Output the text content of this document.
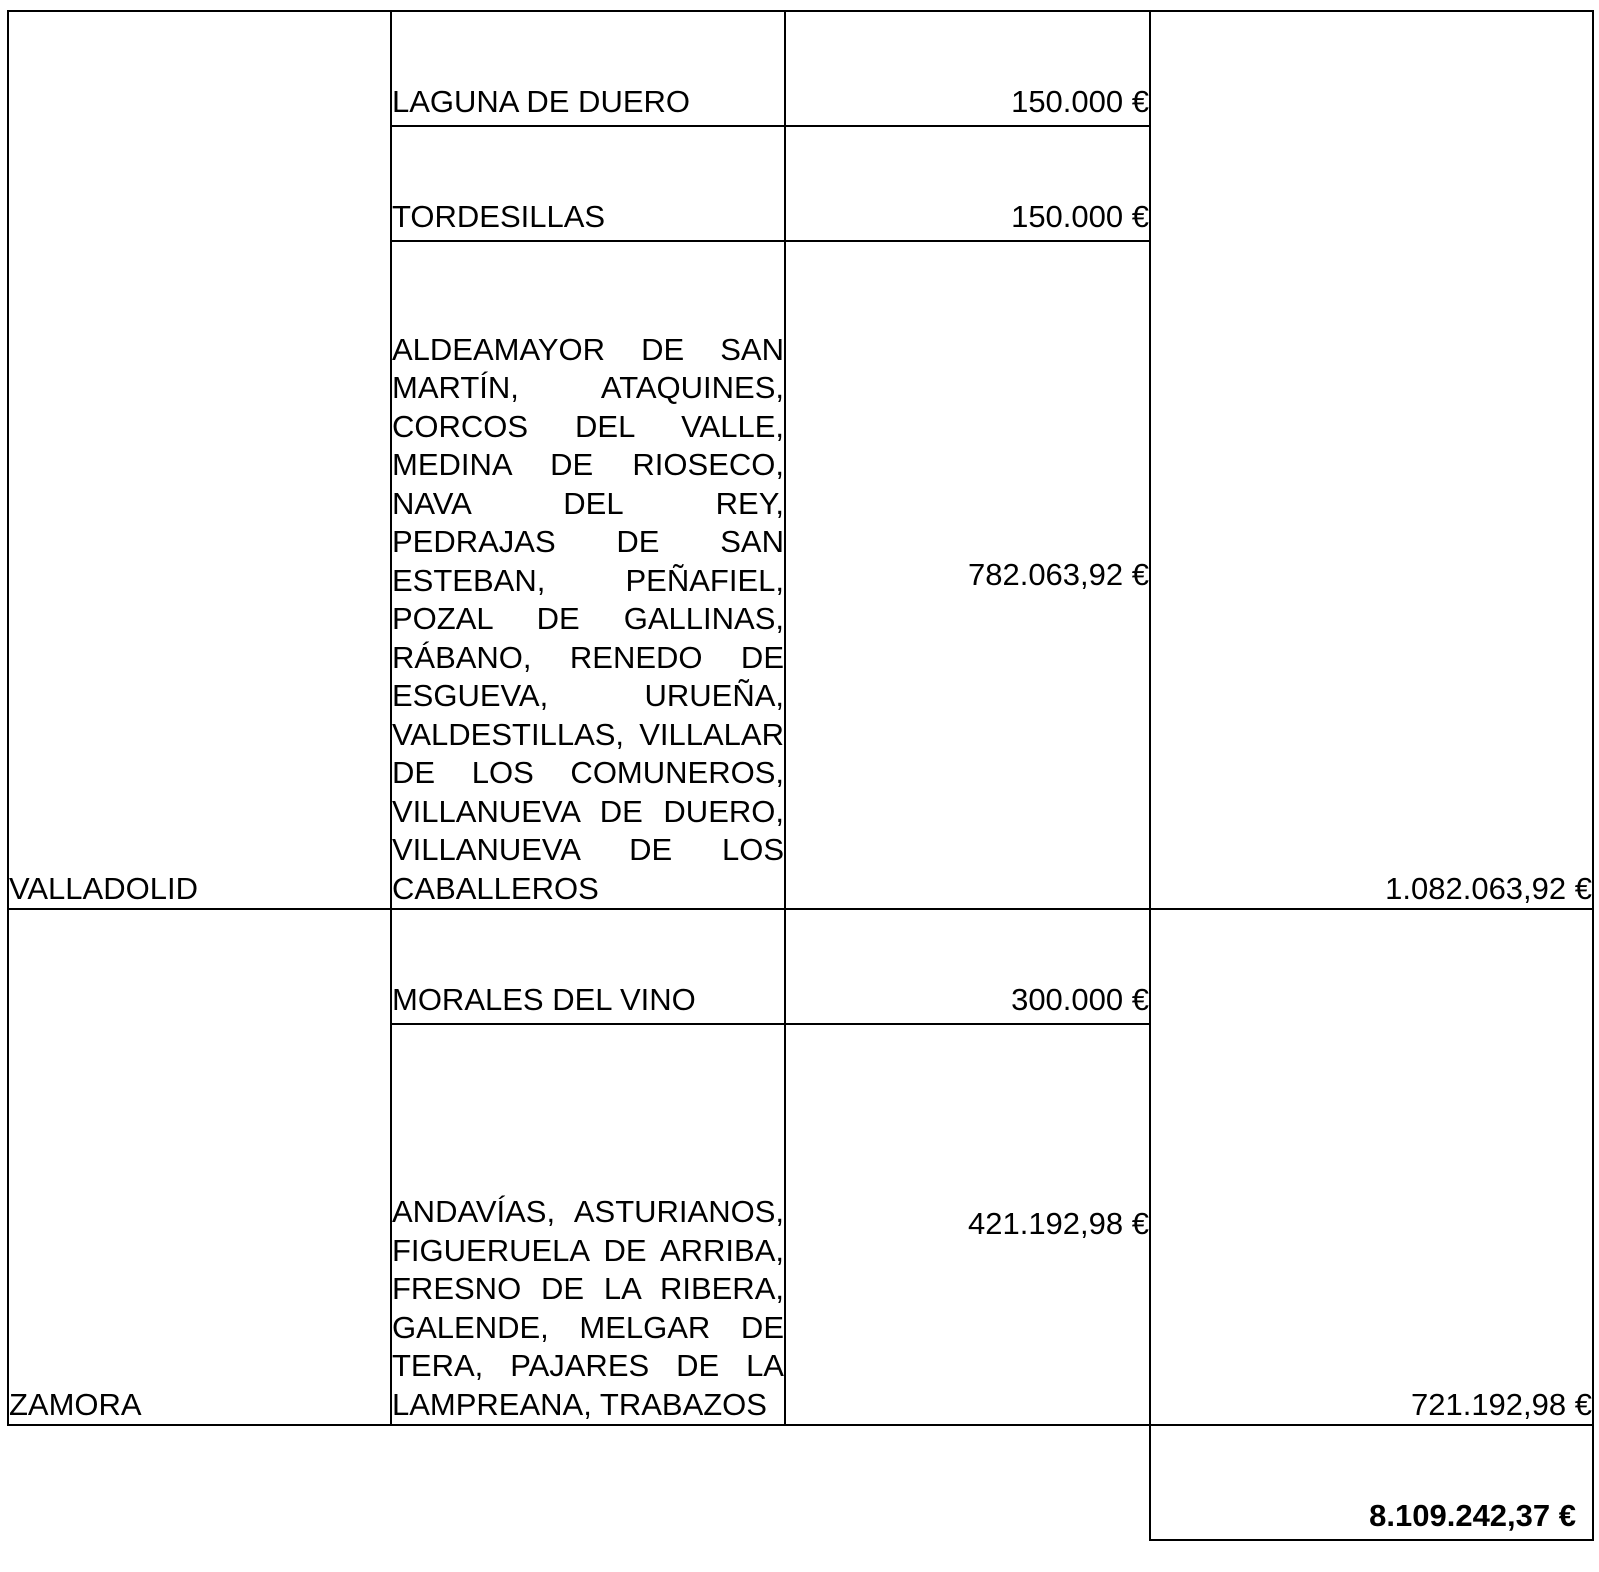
VALLADOLID	LAGUNA DE DUERO	150.000 €	1.082.063,92 €

	TORDESILLAS	150.000 €	

	ALDEAMAYOR DE SAN MARTÍN, ATAQUINES, CORCOS DEL VALLE, MEDINA DE RIOSECO, NAVA DEL REY, PEDRAJAS DE SAN ESTEBAN, PEÑAFIEL, POZAL DE GALLINAS, RÁBANO, RENEDO DE ESGUEVA, URUEÑA, VALDESTILLAS, VILLALAR DE LOS COMUNEROS, VILLANUEVA DE DUERO, VILLANUEVA DE LOS CABALLEROS	782.063,92 €	
ZAMORA	MORALES DEL VINO	300.000 €	721.192,98 €

	ANDAVÍAS, ASTURIANOS, FIGUERUELA DE ARRIBA, FRESNO DE LA RIBERA, GALENDE, MELGAR DE TERA, PAJARES DE LA LAMPREANA, TRABAZOS	421.192,98 €	

			8.109.242,37 €
